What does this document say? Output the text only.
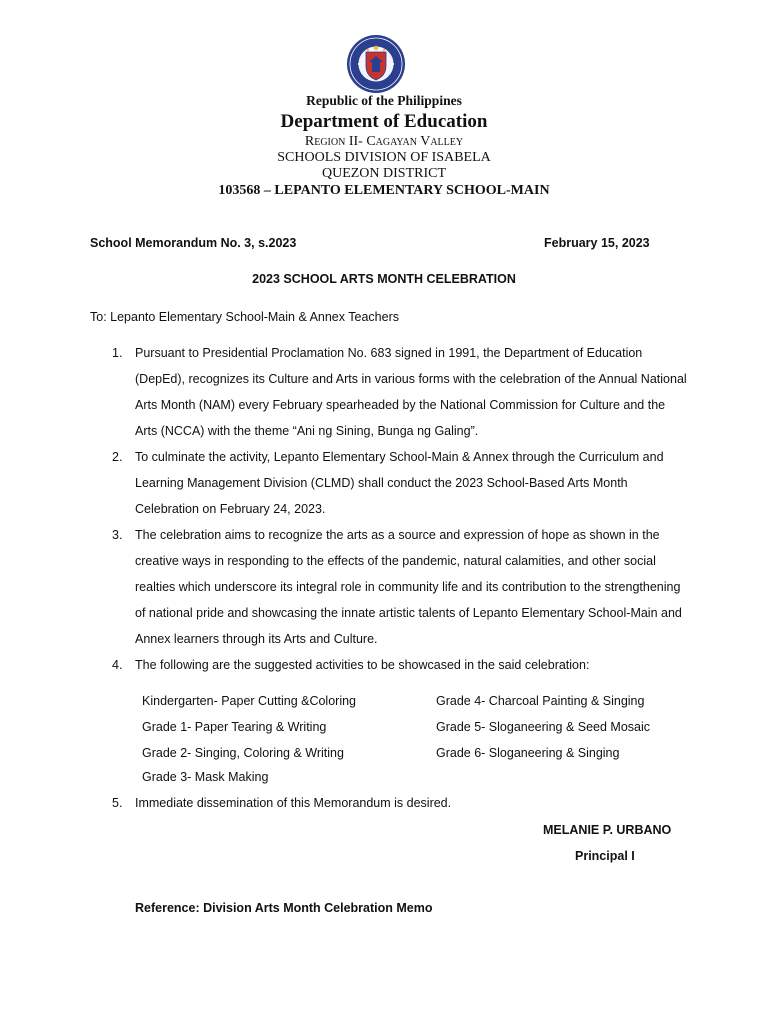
Republic of the Philippines
Department of Education
Region II- Cagayan Valley
SCHOOLS DIVISION OF ISABELA
QUEZON DISTRICT
103568 – LEPANTO ELEMENTARY SCHOOL-MAIN
School Memorandum No. 3, s.2023	February 15, 2023
2023 SCHOOL ARTS MONTH CELEBRATION
To: Lepanto Elementary School-Main & Annex Teachers
1. Pursuant to Presidential Proclamation No. 683 signed in 1991, the Department of Education (DepEd), recognizes its Culture and Arts in various forms with the celebration of the Annual National Arts Month (NAM) every February spearheaded by the National Commission for Culture and the Arts (NCCA) with the theme “Ani ng Sining, Bunga ng Galing”.
2. To culminate the activity, Lepanto Elementary School-Main & Annex through the Curriculum and Learning Management Division (CLMD) shall conduct the 2023 School-Based Arts Month Celebration on February 24, 2023.
3. The celebration aims to recognize the arts as a source and expression of hope as shown in the creative ways in responding to the effects of the pandemic, natural calamities, and other social realties which underscore its integral role in community life and its contribution to the strengthening of national pride and showcasing the innate artistic talents of Lepanto Elementary School-Main and Annex learners through its Arts and Culture.
4. The following are the suggested activities to be showcased in the said celebration:
Kindergarten- Paper Cutting &Coloring
Grade 1- Paper Tearing & Writing
Grade 2- Singing, Coloring & Writing
Grade 3- Mask Making
Grade 4- Charcoal Painting & Singing
Grade 5- Sloganeering & Seed Mosaic
Grade 6- Sloganeering & Singing
5. Immediate dissemination of this Memorandum is desired.
MELANIE P. URBANO
Principal I
Reference: Division Arts Month Celebration Memo
